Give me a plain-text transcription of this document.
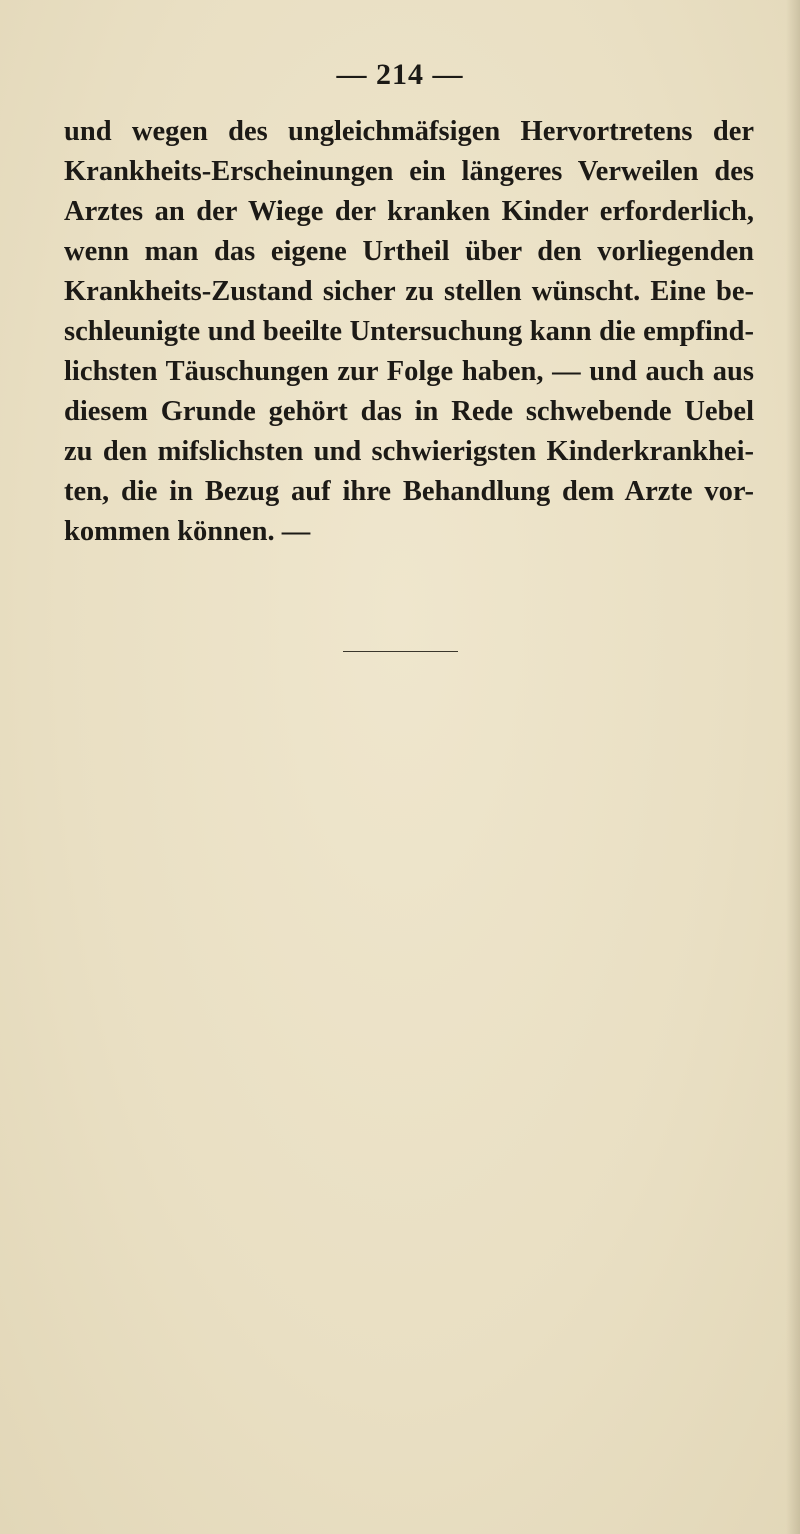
— 214 —
und wegen des ungleichmäfsigen Hervortretens der
Krankheits-Erscheinungen ein längeres Verweilen des
Arztes an der Wiege der kranken Kinder erforderlich,
wenn man das eigene Urtheil über den vorliegenden
Krankheits-Zustand sicher zu stellen wünscht. Eine be-
schleunigte und beeilte Untersuchung kann die empfind-
lichsten Täuschungen zur Folge haben, — und auch aus
diesem Grunde gehört das in Rede schwebende Uebel
zu den mifslichsten und schwierigsten Kinderkrankhei-
ten, die in Bezug auf ihre Behandlung dem Arzte vor-
kommen können. —
